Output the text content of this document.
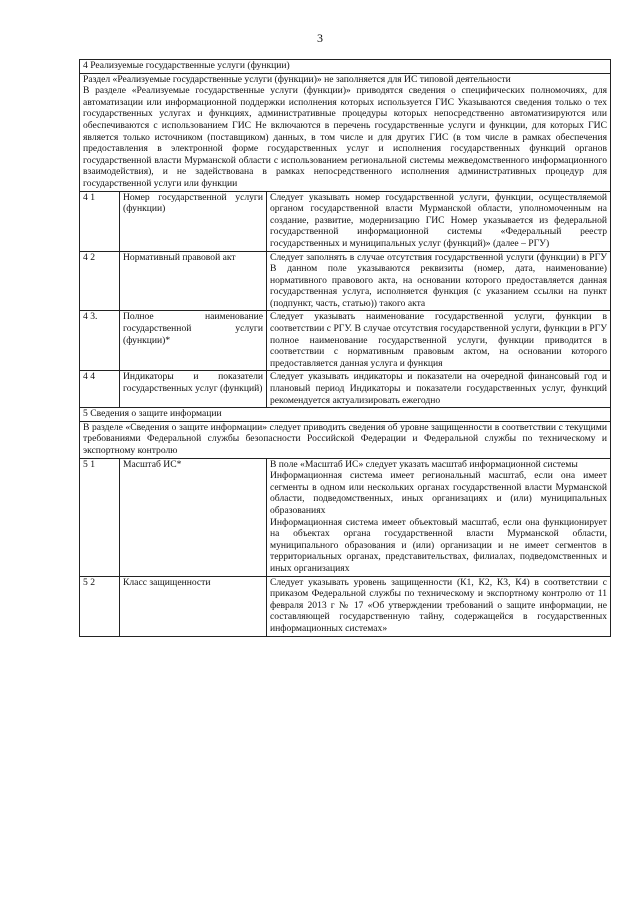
3
4 Реализуемые государственные услуги (функции)		

Раздел «Реализуемые государственные услуги (функции)» не заполняется для ИС типовой деятельности
В разделе «Реализуемые государственные услуги (функции)» приводятся сведения о специфических полномочиях, для автоматизации или информационной поддержки исполнения которых используется ГИС Указываются сведения только о тех государственных услугах и функциях, административные процедуры которых непосредственно автоматизируются или обеспечиваются с использованием ГИС Не включаются в перечень государственные услуги и функции, для которых ГИС является только источником (поставщиком) данных, в том числе и для других ГИС (в том числе в рамках обеспечения предоставления в электронной форме государственных услуг и исполнения государственных функций органов государственной власти Мурманской области с использованием региональной системы межведомственного информационного взаимодействия), и не задействована в рамках непосредственного исполнения административных процедур для государственной услуги или функции		

4 1	Номер государственной услуги (функции)	Следует указывать номер государственной услуги, функции, осуществляемой органом государственной власти Мурманской области, уполномоченным на создание, развитие, модернизацию ГИС Номер указывается из федеральной государственной информационной системы «Федеральный реестр государственных и муниципальных услуг (функций)» (далее – РГУ)
4 2	Нормативный правовой акт	Следует заполнять в случае отсутствия государственной услуги (функции) в РГУ В данном поле указываются реквизиты (номер, дата, наименование) нормативного правового акта, на основании которого предоставляется данная государственная услуга, исполняется функция (с указанием ссылки на пункт (подпункт, часть, статью)) такого акта
4 3.	Полное наименование государственной услуги (функции)*	Следует указывать наименование государственной услуги, функции в соответствии с РГУ. В случае отсутствия государственной услуги, функции в РГУ полное наименование государственной услуги, функции приводится в соответствии с нормативным правовым актом, на основании которого предоставляется данная услуга и функция
4 4	Индикаторы и показатели государственных услуг (функций)	Следует указывать индикаторы и показатели на очередной финансовый год и плановый период Индикаторы и показатели государственных услуг, функций рекомендуется актуализировать ежегодно
5 Сведения о защите информации		
В разделе «Сведения о защите информации» следует приводить сведения об уровне защищенности в соответствии с текущими требованиями Федеральной службы безопасности Российской Федерации и Федеральной службы по техническому и экспортному контролю		
5 1	Масштаб ИС*	В поле «Масштаб ИС» следует указать масштаб информационной системы
Информационная система имеет региональный масштаб, если она имеет сегменты в одном или нескольких органах государственной власти Мурманской области, подведомственных, иных организациях и (или) муниципальных образованиях
Информационная система имеет объектовый масштаб, если она функционирует на объектах органа государственной власти Мурманской области, муниципального образования и (или) организации и не имеет сегментов в территориальных органах, представительствах, филиалах, подведомственных и иных организациях

5 2	Класс защищенности	Следует указывать уровень защищенности (К1, К2, К3, К4) в соответствии с приказом Федеральной службы по техническому и экспортному контролю от 11 февраля 2013 г № 17 «Об утверждении требований о защите информации, не составляющей государственную тайну, содержащейся в государственных информационных системах»
